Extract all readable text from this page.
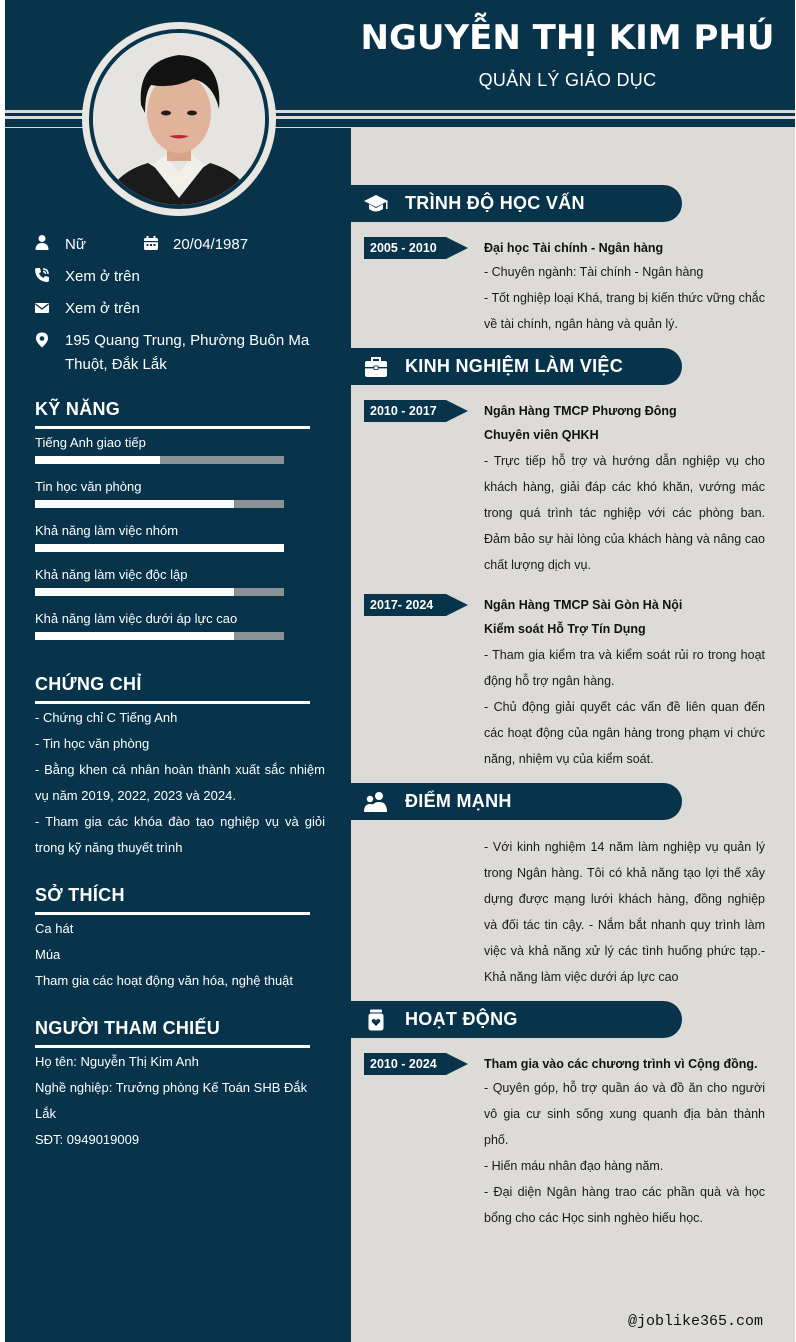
NGUYỄN THỊ KIM PHÚ
QUẢN LÝ GIÁO DỤC
Nữ	20/04/1987
Xem ở trên
Xem ở trên
195 Quang Trung, Phường Buôn Ma Thuột, Đắk Lắk
KỸ NĂNG
Tiếng Anh giao tiếp
Tin học văn phòng
Khả năng làm việc nhóm
Khả năng làm việc độc lập
Khả năng làm việc dưới áp lực cao
CHỨNG CHỈ
- Chứng chỉ C Tiếng Anh
- Tin học văn phòng
- Bằng khen cá nhân hoàn thành xuất sắc nhiệm vụ năm 2019, 2022, 2023 và 2024.
- Tham gia các khóa đào tạo nghiệp vụ và giỏi trong kỹ năng thuyết trình
SỞ THÍCH
Ca hát
Múa
Tham gia các hoạt động văn hóa, nghệ thuật
NGƯỜI THAM CHIẾU
Họ tên: Nguyễn Thị Kim Anh
Nghề nghiệp: Trưởng phòng Kế Toán SHB Đắk Lắk
SĐT: 0949019009
TRÌNH ĐỘ HỌC VẤN
2005 - 2010	Đại học Tài chính - Ngân hàng
- Chuyên ngành: Tài chính - Ngân hàng
- Tốt nghiệp loại Khá, trang bị kiến thức vững chắc về tài chính, ngân hàng và quản lý.
KINH NGHIỆM LÀM VIỆC
2010 - 2017	Ngân Hàng TMCP Phương Đông
Chuyên viên QHKH
- Trực tiếp hỗ trợ và hướng dẫn nghiệp vụ cho khách hàng, giải đáp các khó khăn, vướng mác trong quá trình tác nghiệp với các phòng ban. Đảm bảo sự hài lòng của khách hàng và nâng cao chất lượng dịch vụ.
2017- 2024	Ngân Hàng TMCP Sài Gòn Hà Nội
Kiểm soát Hỗ Trợ Tín Dụng
- Tham gia kiểm tra và kiểm soát rủi ro trong hoạt động hỗ trợ ngân hàng.
- Chủ động giải quyết các vấn đề liên quan đến các hoạt động của ngân hàng trong phạm vi chức năng, nhiệm vụ của kiểm soát.
ĐIỂM MẠNH
- Với kinh nghiệm 14 năm làm nghiệp vụ quản lý trong Ngân hàng. Tôi có khả năng tạo lợi thế xây dựng được mạng lưới khách hàng, đồng nghiệp và đối tác tin cậy. - Nắm bắt nhanh quy trình làm việc và khả năng xử lý các tình huống phức tạp.- Khả năng làm việc dưới áp lực cao
HOẠT ĐỘNG
2010 - 2024	Tham gia vào các chương trình vì Cộng đồng.
- Quyên góp, hỗ trợ quần áo và đồ ăn cho người vô gia cư sinh sống xung quanh địa bàn thành phố.
- Hiến máu nhân đạo hàng năm.
- Đại diện Ngân hàng trao các phần quà và học bổng cho các Học sinh nghèo hiếu học.
@joblike365.com
